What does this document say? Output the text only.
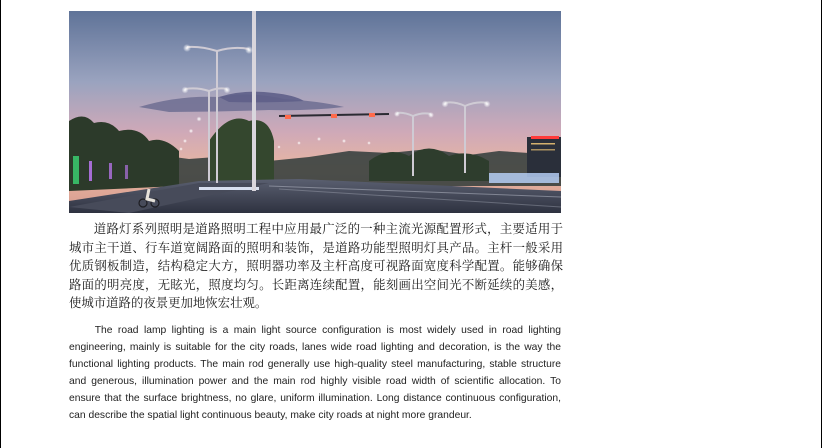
道路灯系列照明是道路照明工程中应用最广泛的一种主流光源配置形式，主要适用于城市主干道、行车道宽阔路面的照明和装饰，是道路功能型照明灯具产品。主杆一般采用优质钢板制造，结构稳定大方，照明器功率及主杆高度可视路面宽度科学配置。能够确保路面的明亮度，无眩光，照度均匀。长距离连续配置，能刻画出空间光不断延续的美感，使城市道路的夜景更加地恢宏壮观。

The road lamp lighting is a main light source configuration is most widely used in road lighting engineering, mainly is suitable for the city roads, lanes wide road lighting and decoration, is the way the functional lighting products. The main rod generally use high-quality steel manufacturing, stable structure and generous, illumination power and the main rod highly visible road width of scientific allocation. To ensure that the surface brightness, no glare, uniform illumination. Long distance continuous configuration, can describe the spatial light continuous beauty, make city roads at night more grandeur.
